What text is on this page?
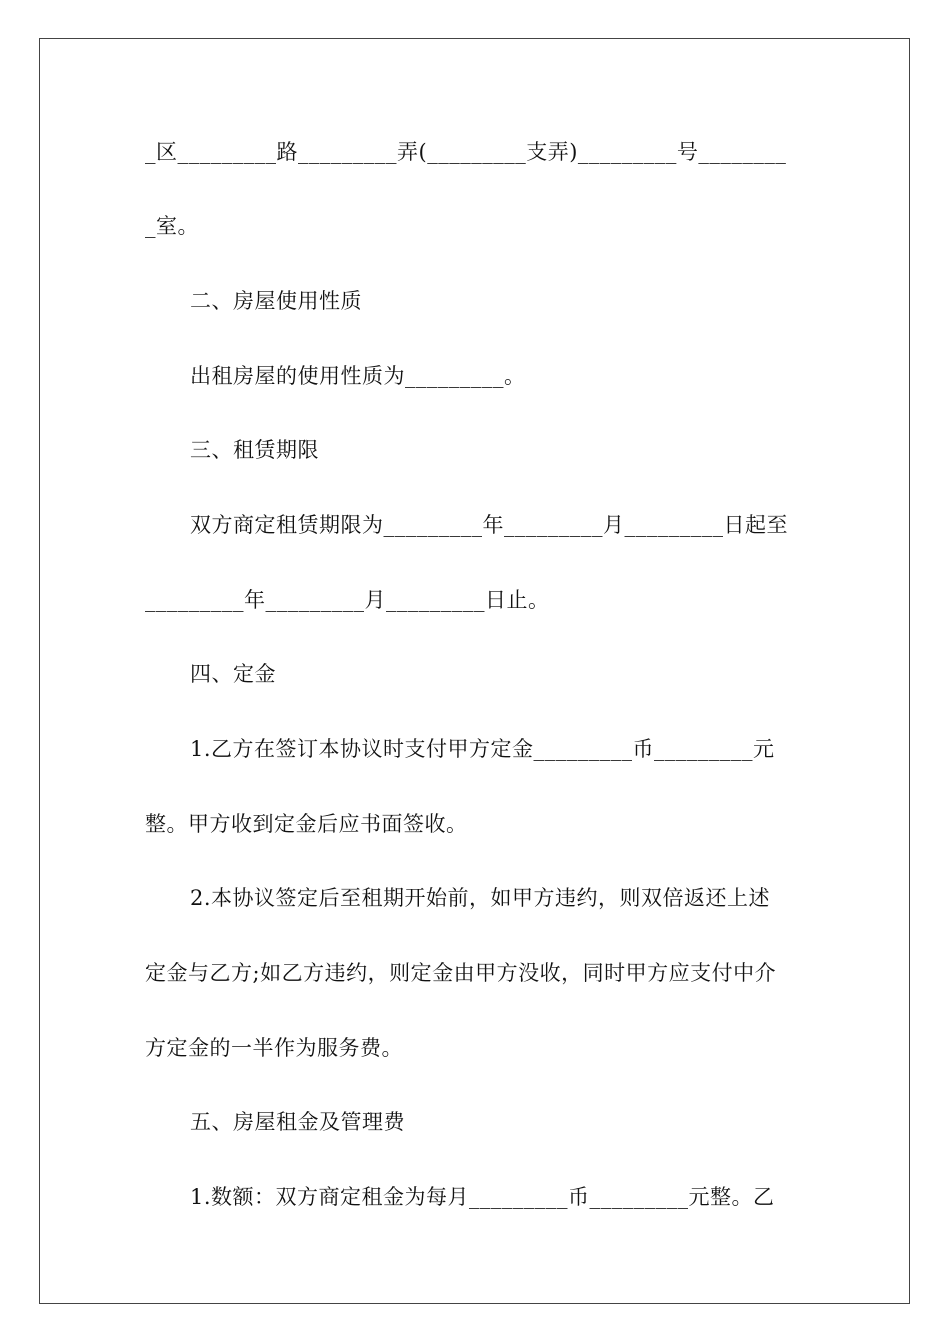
_区_________路_________弄(_________支弄)_________号________
_室。
二、房屋使用性质
出租房屋的使用性质为_________。
三、租赁期限
双方商定租赁期限为_________年_________月_________日起至
_________年_________月_________日止。
四、定金
1.乙方在签订本协议时支付甲方定金_________币_________元
整。甲方收到定金后应书面签收。
2.本协议签定后至租期开始前，如甲方违约，则双倍返还上述
定金与乙方;如乙方违约，则定金由甲方没收，同时甲方应支付中介
方定金的一半作为服务费。
五、房屋租金及管理费
1.数额：双方商定租金为每月_________币_________元整。乙
